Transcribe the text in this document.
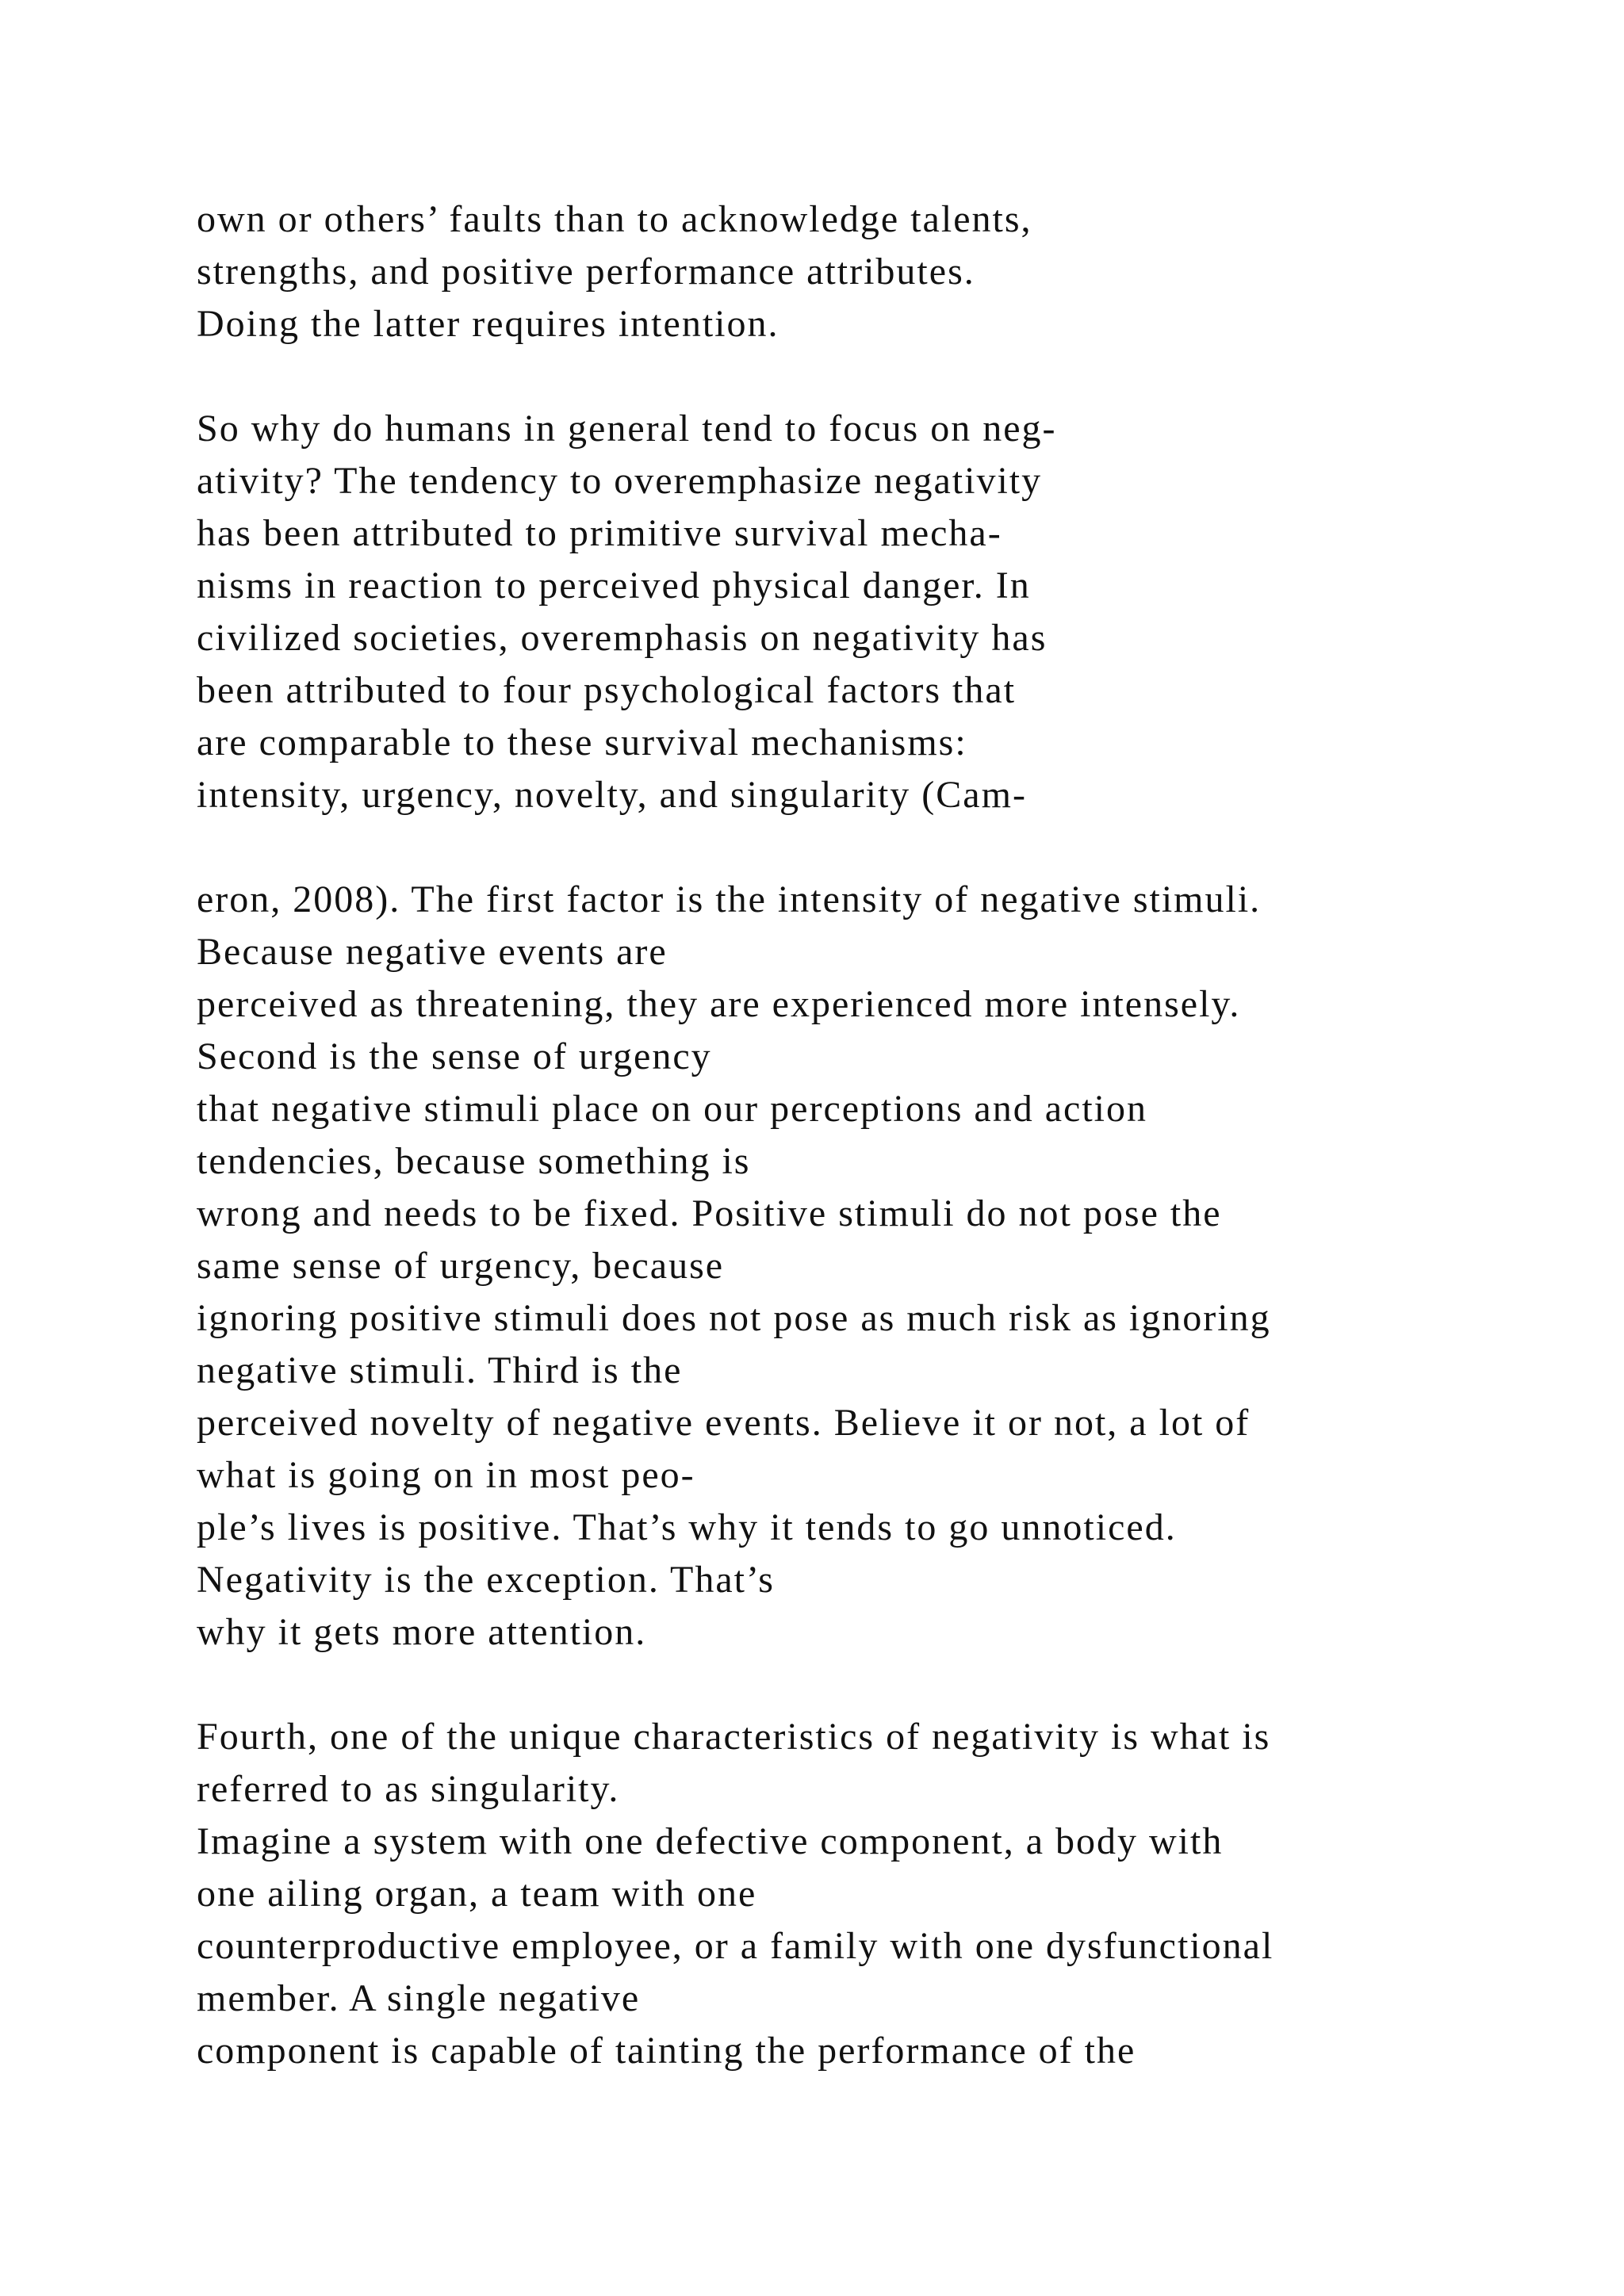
own or others’ faults than to acknowledge talents,
strengths, and positive performance attributes.
Doing the latter requires intention.
So why do humans in general tend to focus on neg-
ativity? The tendency to overemphasize negativity
has been attributed to primitive survival mecha-
nisms in reaction to perceived physical danger. In
civilized societies, overemphasis on negativity has
been attributed to four psychological factors that
are comparable to these survival mechanisms:
intensity, urgency, novelty, and singularity (Cam-
eron, 2008). The first factor is the intensity of negative stimuli.
Because negative events are
perceived as threatening, they are experienced more intensely.
Second is the sense of urgency
that negative stimuli place on our perceptions and action
tendencies, because something is
wrong and needs to be fixed. Positive stimuli do not pose the
same sense of urgency, because
ignoring positive stimuli does not pose as much risk as ignoring
negative stimuli. Third is the
perceived novelty of negative events. Believe it or not, a lot of
what is going on in most peo-
ple’s lives is positive. That’s why it tends to go unnoticed.
Negativity is the exception. That’s
why it gets more attention.
Fourth, one of the unique characteristics of negativity is what is
referred to as singularity.
Imagine a system with one defective component, a body with
one ailing organ, a team with one
counterproductive employee, or a family with one dysfunctional
member. A single negative
component is capable of tainting the performance of the
